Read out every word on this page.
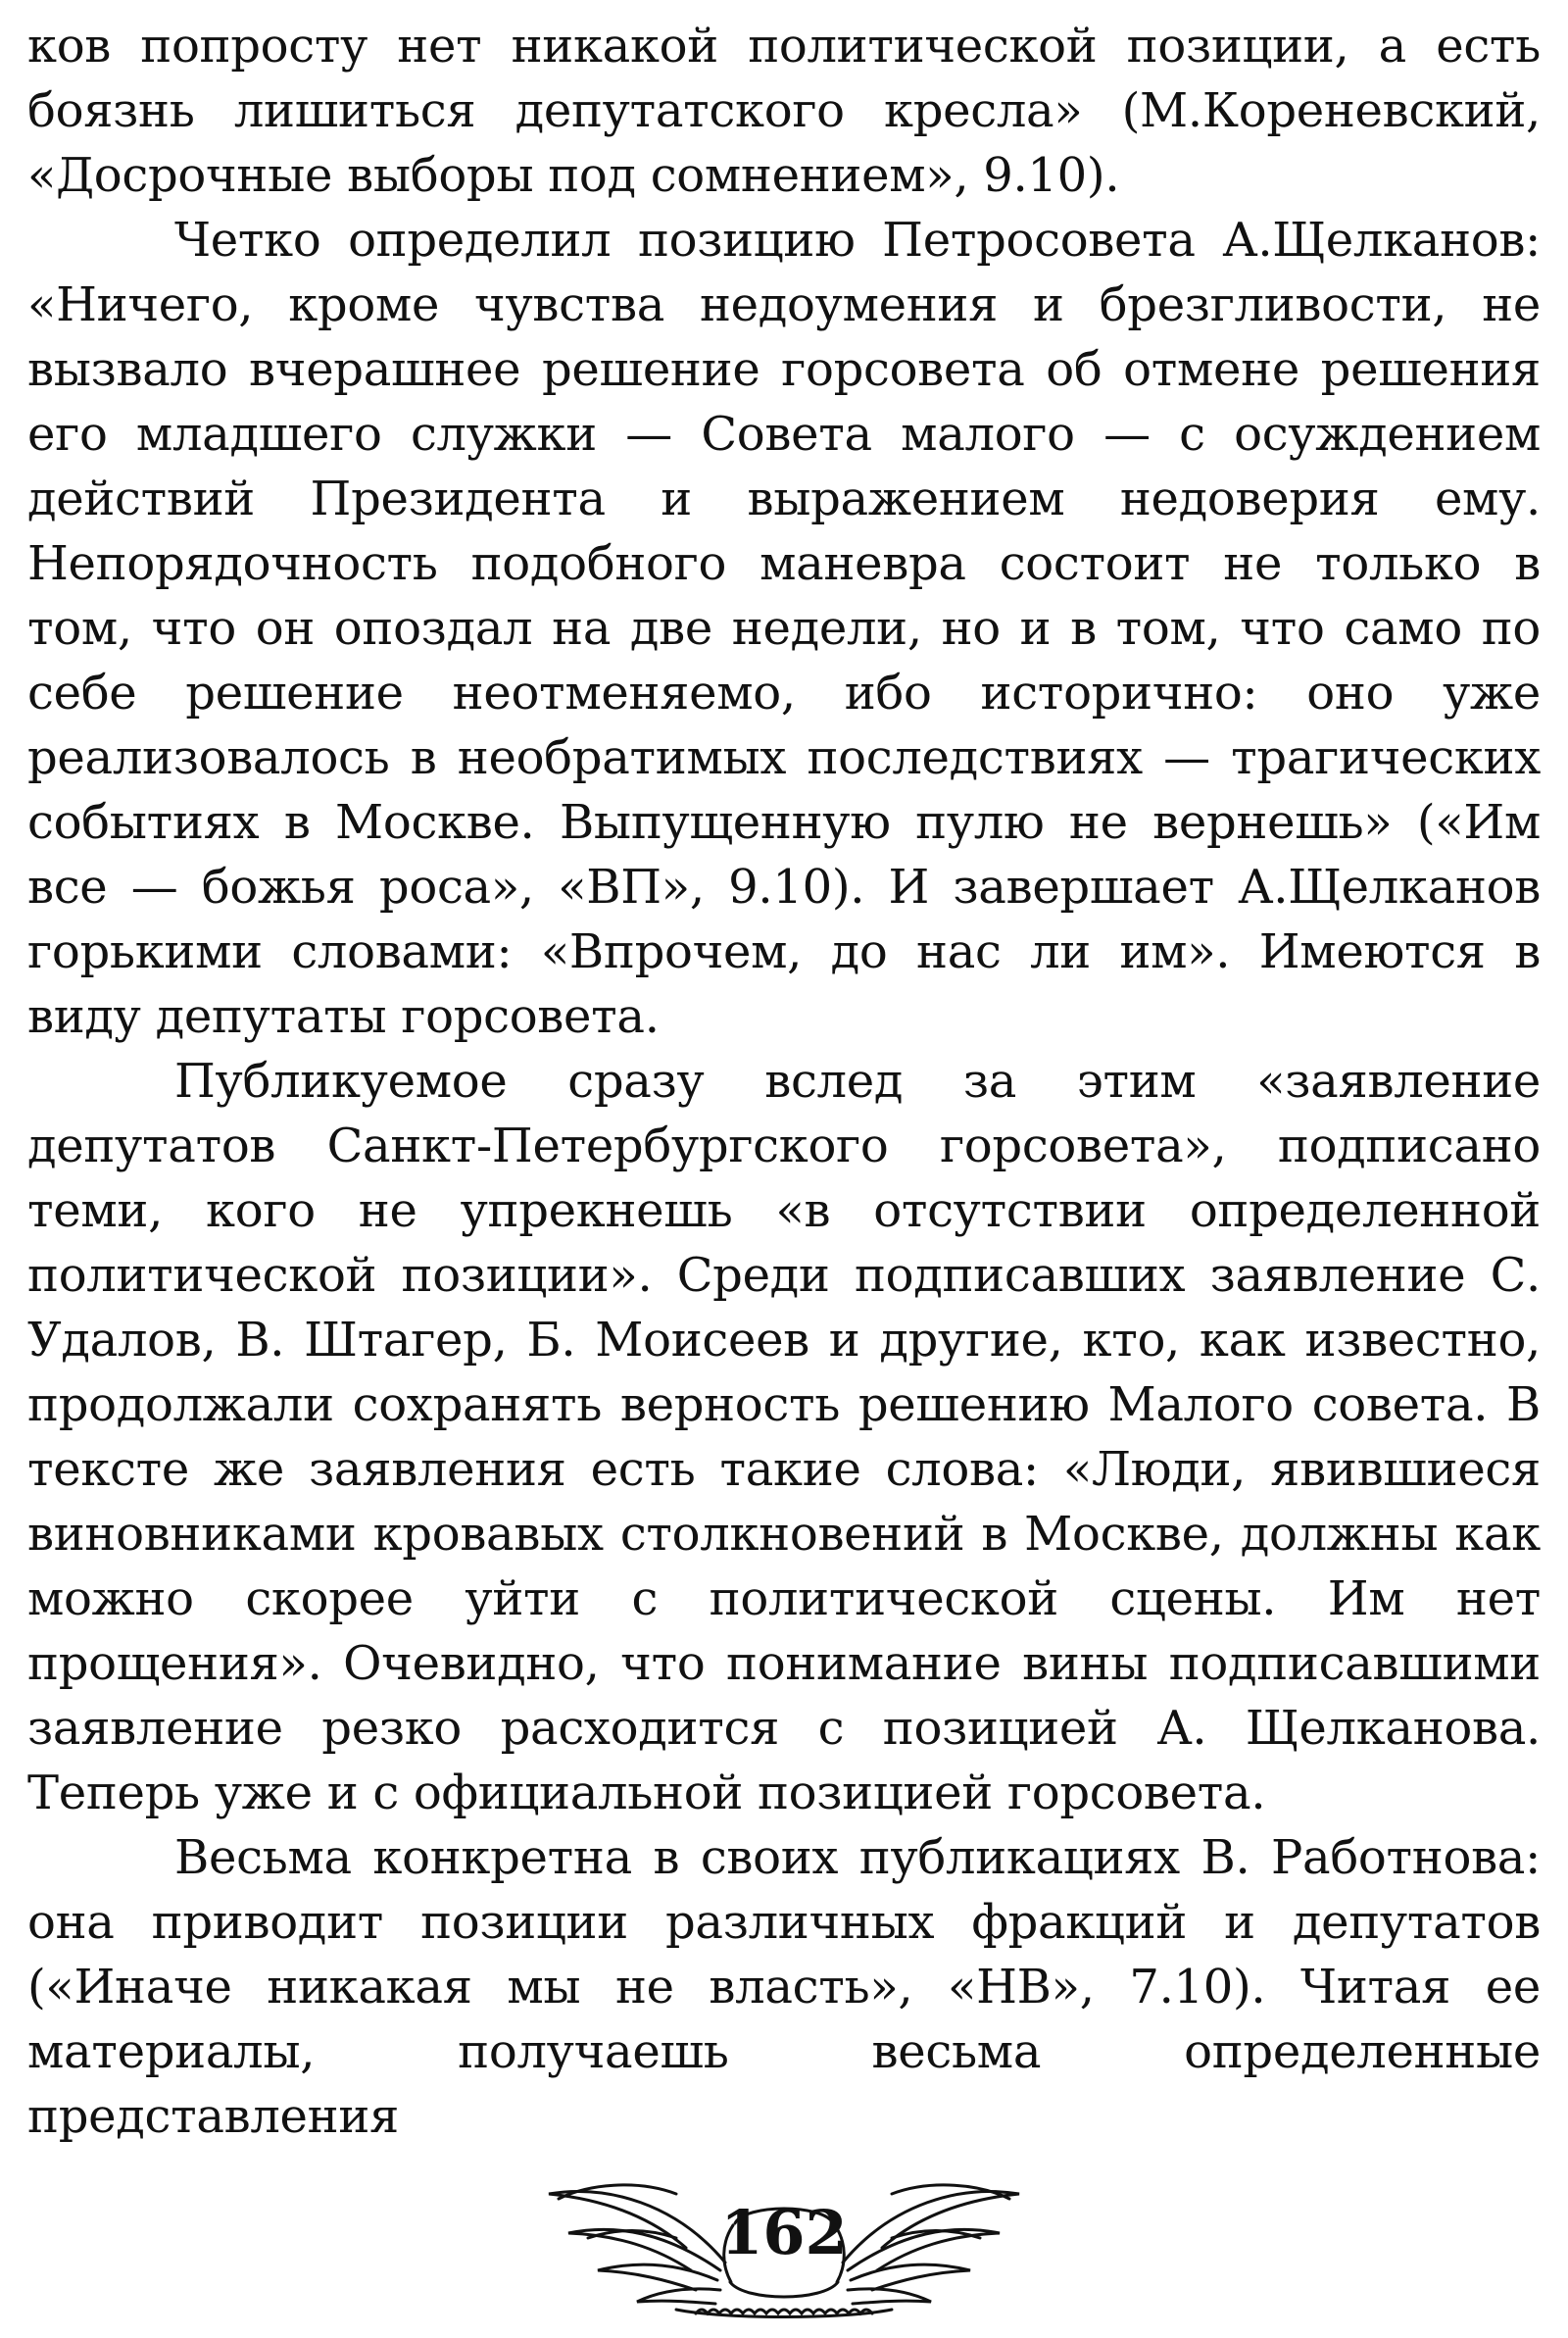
ков попросту нет никакой политической позиции, а есть боязнь лишиться депутатского кресла» (М.Кореневский, «Досрочные выборы под сомнением», 9.10).

Четко определил позицию Петросовета А.Щелканов: «Ничего, кроме чувства недоумения и брезгливости, не вызвало вчерашнее решение горсовета об отмене решения его младшего служки — Совета малого — с осуждением действий Президента и выражением недоверия ему. Непорядочность подобного маневра состоит не только в том, что он опоздал на две недели, но и в том, что само по себе решение неотменяемо, ибо исторично: оно уже реализовалось в необратимых последствиях — трагических событиях в Москве. Выпущенную пулю не вернешь» («Им все — божья роса», «ВП», 9.10). И завершает А.Щелканов горькими словами: «Впрочем, до нас ли им». Имеются в виду депутаты горсовета.

Публикуемое сразу вслед за этим «заявление депутатов Санкт-Петербургского горсовета», подписано теми, кого не упрекнешь «в отсутствии определенной политической позиции». Среди подписавших заявление С. Удалов, В. Штагер, Б. Моисеев и другие, кто, как известно, продолжали сохранять верность решению Малого совета. В тексте же заявления есть такие слова: «Люди, явившиеся виновниками кровавых столкновений в Москве, должны как можно скорее уйти с политической сцены. Им нет прощения». Очевидно, что понимание вины подписавшими заявление резко расходится с позицией А. Щелканова. Теперь уже и с официальной позицией горсовета.

Весьма конкретна в своих публикациях В. Работнова: она приводит позиции различных фракций и депутатов («Иначе никакая мы не власть», «НВ», 7.10). Читая ее материалы, получаешь весьма определенные представления

162
